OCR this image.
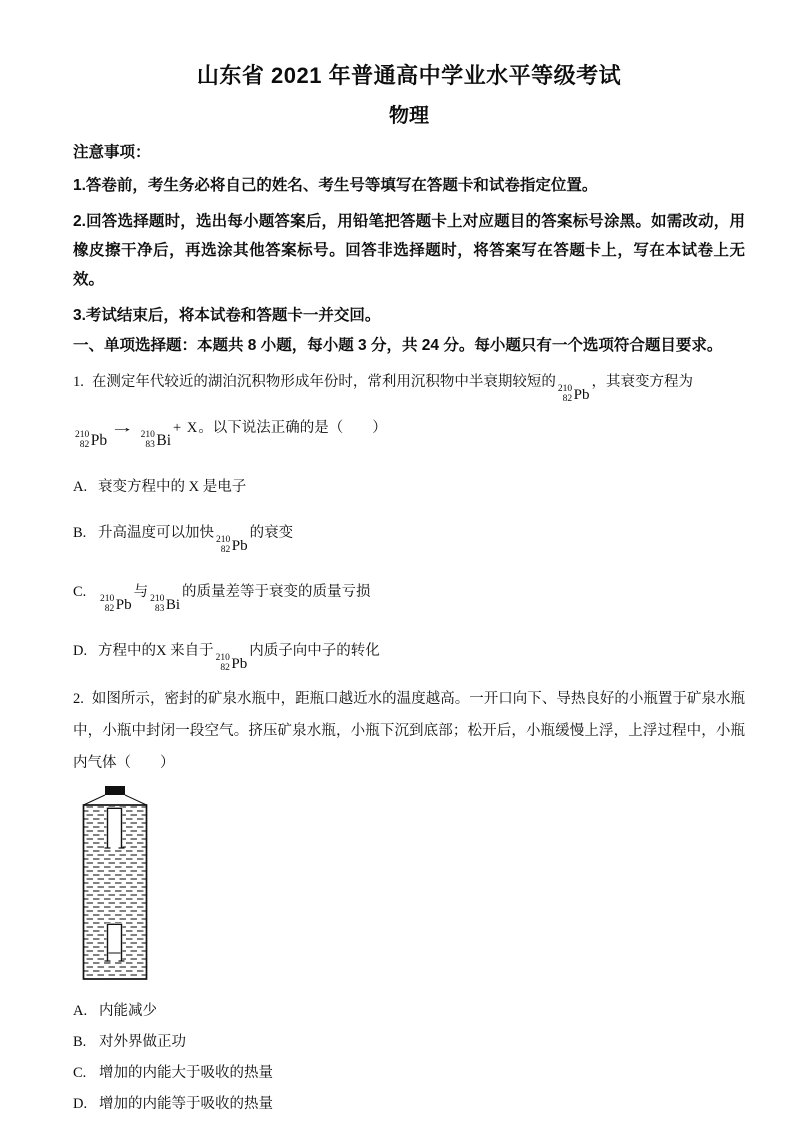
山东省 2021 年普通高中学业水平等级考试
物理
注意事项：
1.答卷前，考生务必将自己的姓名、考生号等填写在答题卡和试卷指定位置。
2.回答选择题时，选出每小题答案后，用铅笔把答题卡上对应题目的答案标号涂黑。如需改动，用橡皮擦干净后，再选涂其他答案标号。回答非选择题时，将答案写在答题卡上，写在本试卷上无效。
3.考试结束后，将本试卷和答题卡一并交回。
一、单项选择题：本题共 8 小题，每小题 3 分，共 24 分。每小题只有一个选项符合题目要求。
1. 在测定年代较近的湖泊沉积物形成年份时，常利用沉积物中半衰期较短的 210
82 Pb
，其衰变方程为
210
82 Pb
→ 210
83 Bi
+ X。以下说法正确的是（　　）
A. 衰变方程中的 X 是电子
B. 升高温度可以加快 210
82 Pb
的衰变
C. 210
82 Pb
与 210
83 Bi
的质量差等于衰变的质量亏损
D. 方程中的X 来自于 210
82 Pb
内质子向中子的转化
2. 如图所示，密封的矿泉水瓶中，距瓶口越近水的温度越高。一开口向下、导热良好的小瓶置于矿泉水瓶中，小瓶中封闭一段空气。挤压矿泉水瓶，小瓶下沉到底部；松开后，小瓶缓慢上浮，上浮过程中，小瓶内气体（　　）
A. 内能减少
B. 对外界做正功
C. 增加的内能大于吸收的热量
D. 增加的内能等于吸收的热量
